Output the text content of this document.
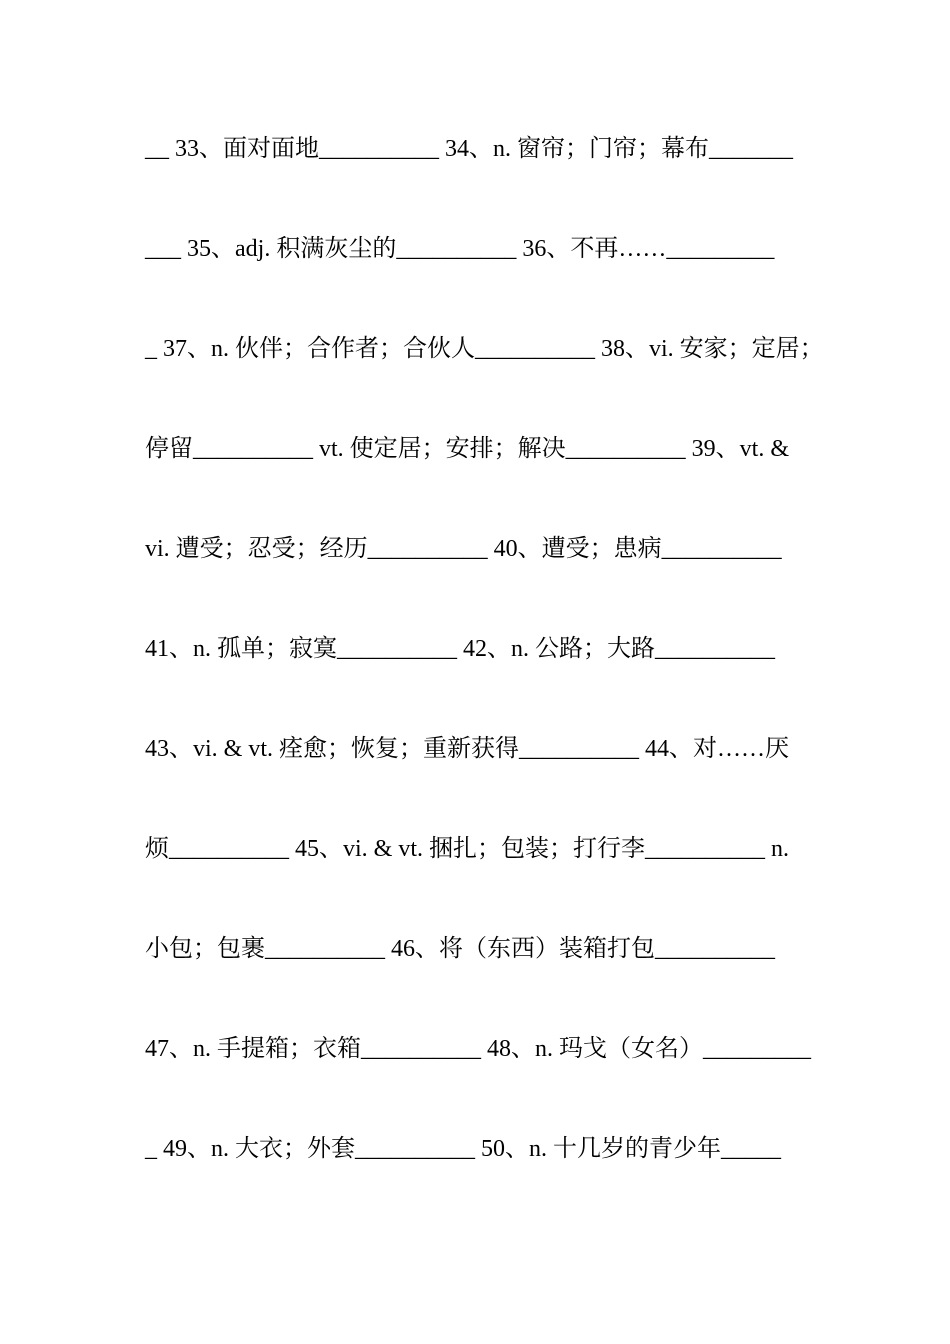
__ 33、面对面地__________ 34、n. 窗帘；门帘；幕布_______
___ 35、adj. 积满灰尘的__________ 36、不再……_________
_ 37、n. 伙伴；合作者；合伙人__________ 38、vi. 安家；定居；
停留__________ vt. 使定居；安排；解决__________ 39、vt. &
vi. 遭受；忍受；经历__________ 40、遭受；患病__________
41、n. 孤单；寂寞__________ 42、n. 公路；大路__________
43、vi. & vt. 痊愈；恢复；重新获得__________ 44、对……厌
烦__________ 45、vi. & vt. 捆扎；包装；打行李__________ n.
小包；包裹__________ 46、将（东西）装箱打包__________
47、n. 手提箱；衣箱__________ 48、n. 玛戈（女名）_________
_ 49、n. 大衣；外套__________ 50、n. 十几岁的青少年_____
